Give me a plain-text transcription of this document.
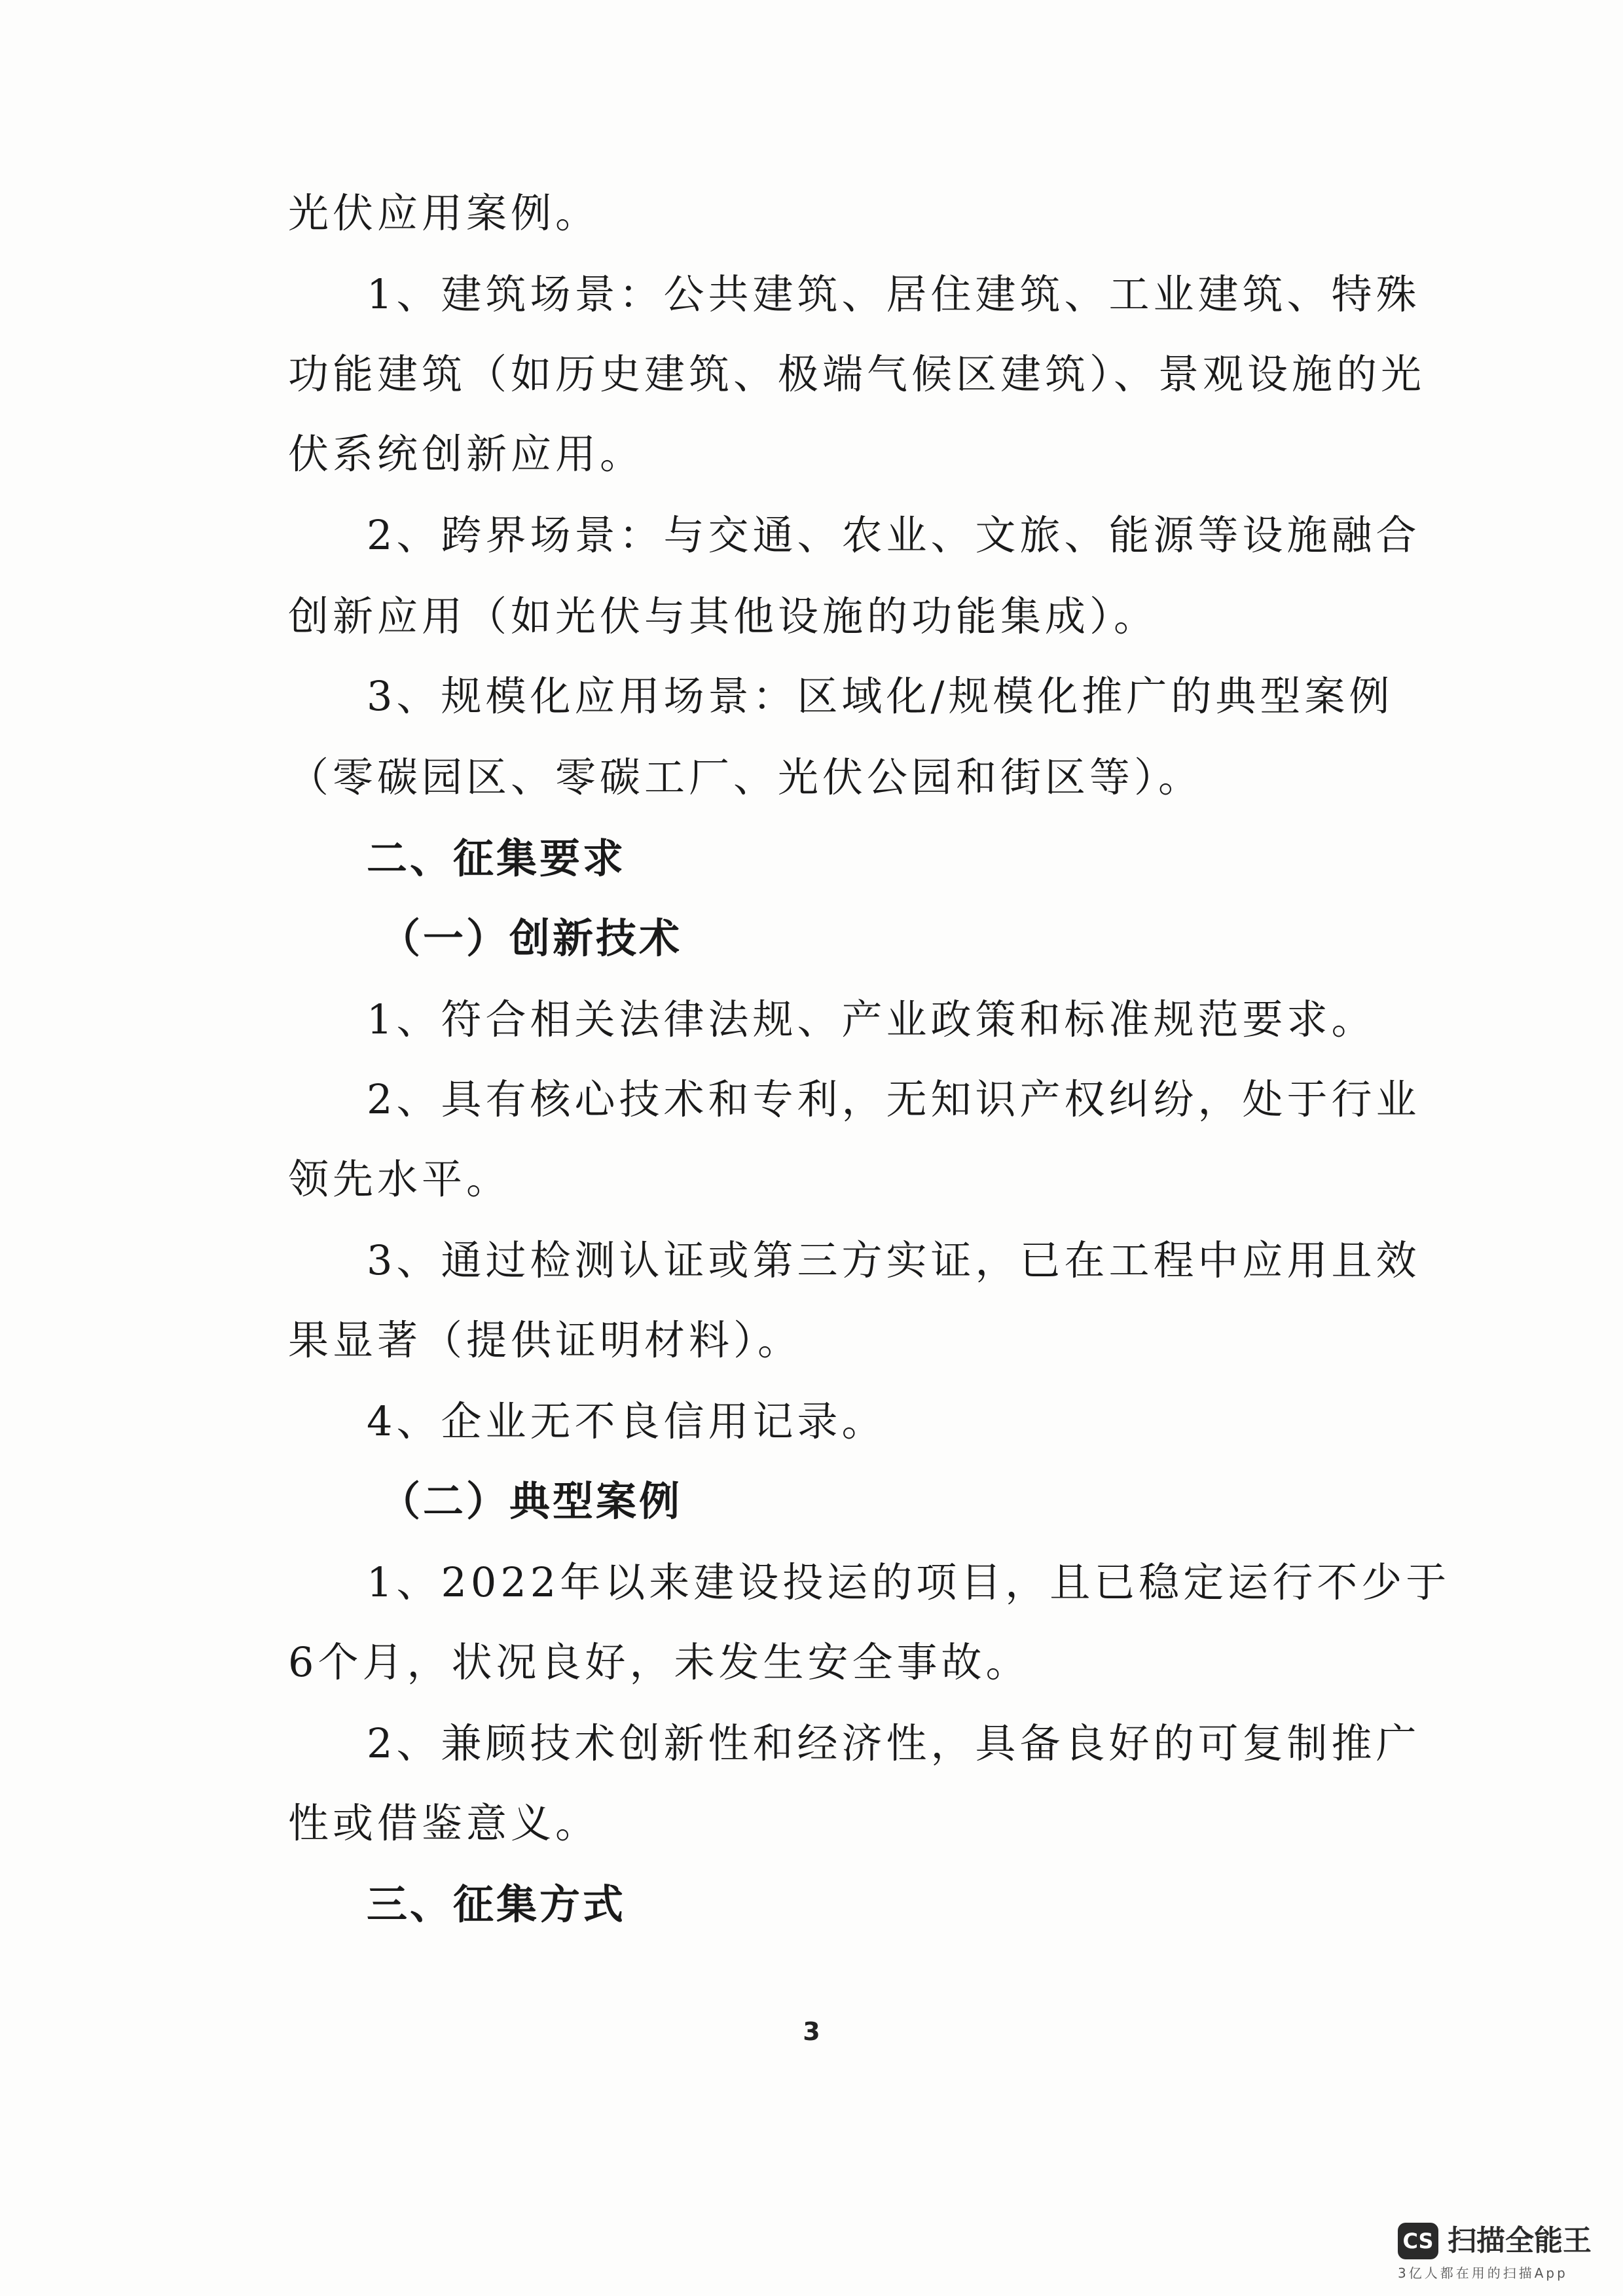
光伏应用案例。
1、建筑场景：公共建筑、居住建筑、工业建筑、特殊
功能建筑（如历史建筑、极端气候区建筑）、景观设施的光
伏系统创新应用。
2、跨界场景：与交通、农业、文旅、能源等设施融合
创新应用（如光伏与其他设施的功能集成）。
3、规模化应用场景：区域化/规模化推广的典型案例
（零碳园区、零碳工厂、光伏公园和街区等）。
二、征集要求
（一）创新技术
1、符合相关法律法规、产业政策和标准规范要求。
2、具有核心技术和专利，无知识产权纠纷，处于行业
领先水平。
3、通过检测认证或第三方实证，已在工程中应用且效
果显著（提供证明材料）。
4、企业无不良信用记录。
（二）典型案例
1、2022年以来建设投运的项目，且已稳定运行不少于
6个月，状况良好，未发生安全事故。
2、兼顾技术创新性和经济性，具备良好的可复制推广
性或借鉴意义。
三、征集方式
3
CS 扫描全能王
3亿人都在用的扫描App
